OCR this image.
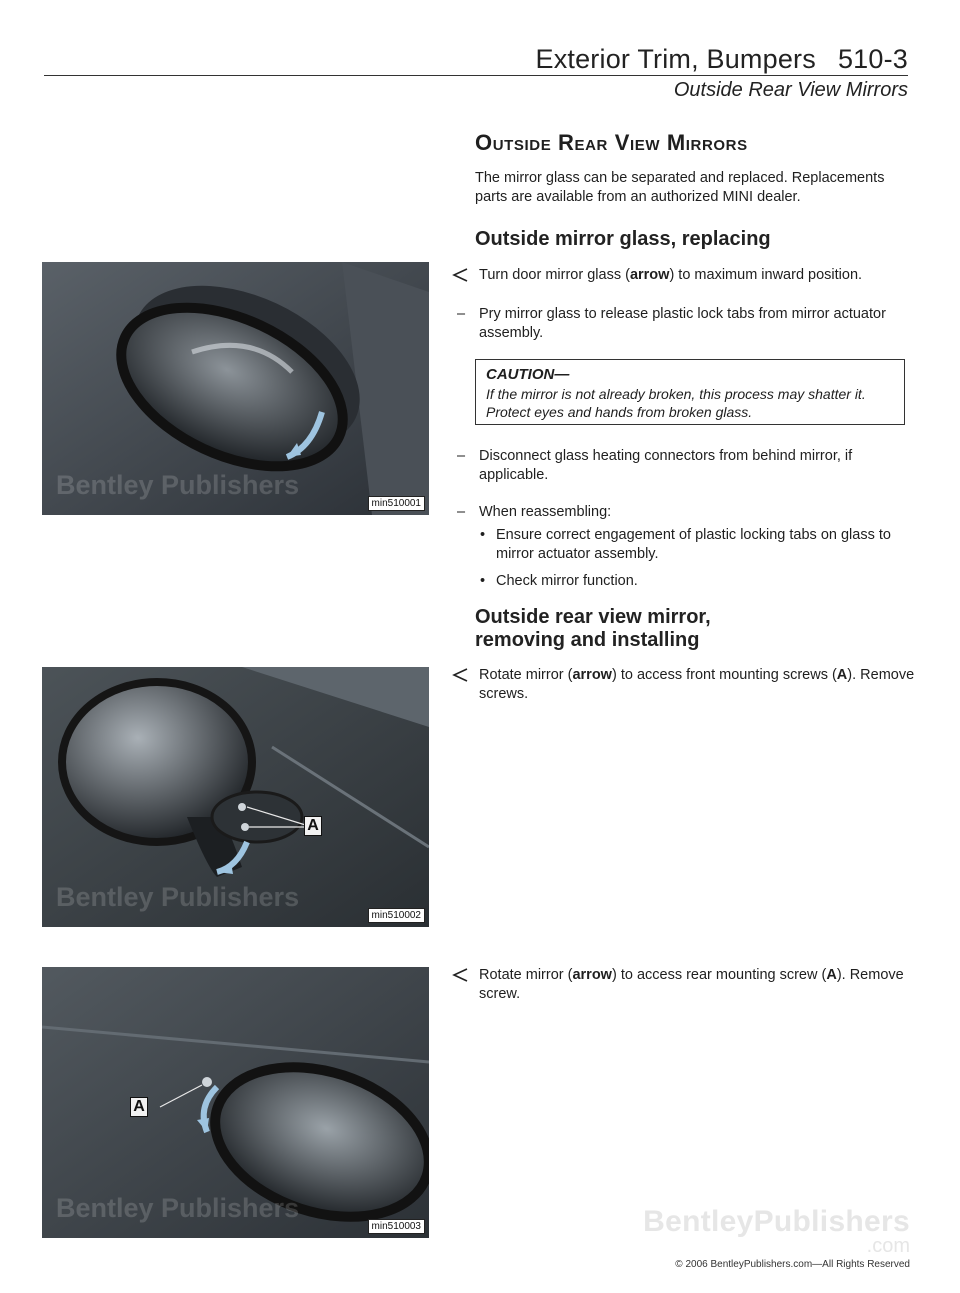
Exterior Trim, Bumpers 510-3
Outside Rear View Mirrors
Outside Rear View Mirrors
The mirror glass can be separated and replaced. Replacements parts are available from an authorized MINI dealer.
Outside mirror glass, replacing
Turn door mirror glass (arrow) to maximum inward position.
– Pry mirror glass to release plastic lock tabs from mirror actuator assembly.
CAUTION—
If the mirror is not already broken, this process may shatter it. Protect eyes and hands from broken glass.
– Disconnect glass heating connectors from behind mirror, if applicable.
– When reassembling:
• Ensure correct engagement of plastic locking tabs on glass to mirror actuator assembly.
• Check mirror function.
Outside rear view mirror,
removing and installing
Rotate mirror (arrow) to access front mounting screws (A). Remove screws.
Rotate mirror (arrow) to access rear mounting screw (A). Remove screw.
Bentley Publishers
min510001
A
Bentley Publishers
min510002
A
Bentley Publishers
min510003	BentleyPublishers
.com
© 2006 BentleyPublishers.com—All Rights Reserved
